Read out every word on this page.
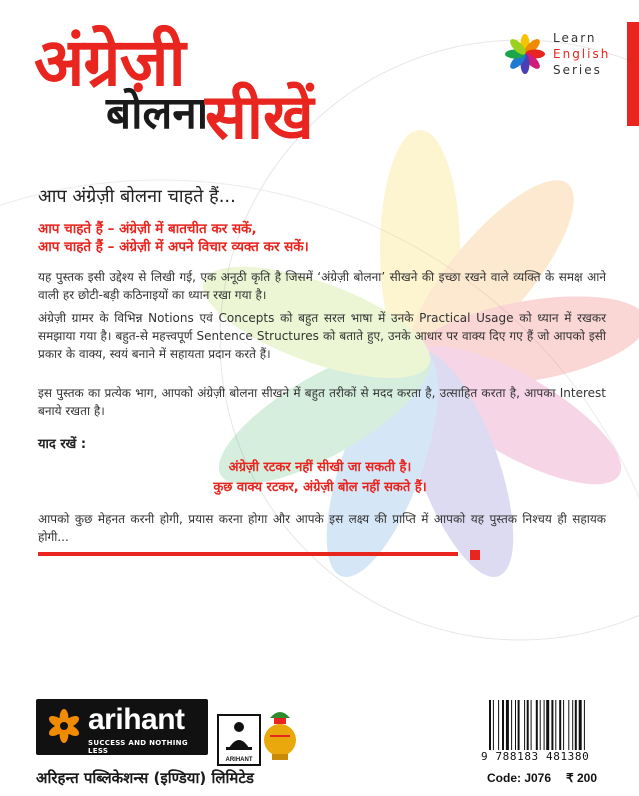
अंग्रेज़ी
बोलना
सीखें
Learn
English
Series
आप अंग्रेज़ी बोलना चाहते हैं...
आप चाहते हैं – अंग्रेज़ी में बातचीत कर सकें,
आप चाहते हैं – अंग्रेज़ी में अपने विचार व्यक्त कर सकें।
यह पुस्तक इसी उद्देश्य से लिखी गई, एक अनूठी कृति है जिसमें ‘अंग्रेज़ी बोलना’ सीखने की इच्छा रखने वाले व्यक्ति के समक्ष आने वाली हर छोटी-बड़ी कठिनाइयों का ध्यान रखा गया है।
अंग्रेज़ी ग्रामर के विभिन्न Notions एवं Concepts को बहुत सरल भाषा में उनके Practical Usage को ध्यान में रखकर समझाया गया है। बहुत-से महत्त्वपूर्ण Sentence Structures को बताते हुए, उनके आधार पर वाक्य दिए गए हैं जो आपको इसी प्रकार के वाक्य, स्वयं बनाने में सहायता प्रदान करते हैं।
इस पुस्तक का प्रत्येक भाग, आपको अंग्रेज़ी बोलना सीखने में बहुत तरीकों से मदद करता है, उत्साहित करता है, आपका Interest बनाये रखता है।
याद रखें :
अंग्रेज़ी रटकर नहीं सीखी जा सकती है।
कुछ वाक्य रटकर, अंग्रेज़ी बोल नहीं सकते हैं।
आपको कुछ मेहनत करनी होगी, प्रयास करना होगा और आपके इस लक्ष्य की प्राप्ति में आपको यह पुस्तक निश्चय ही सहायक होगी...
arihant
SUCCESS AND NOTHING LESS
ARIHANT
अरिहन्त पब्लिकेशन्स (इण्डिया) लिमिटेड
9 788183 481380
Code: J076 ₹ 200
